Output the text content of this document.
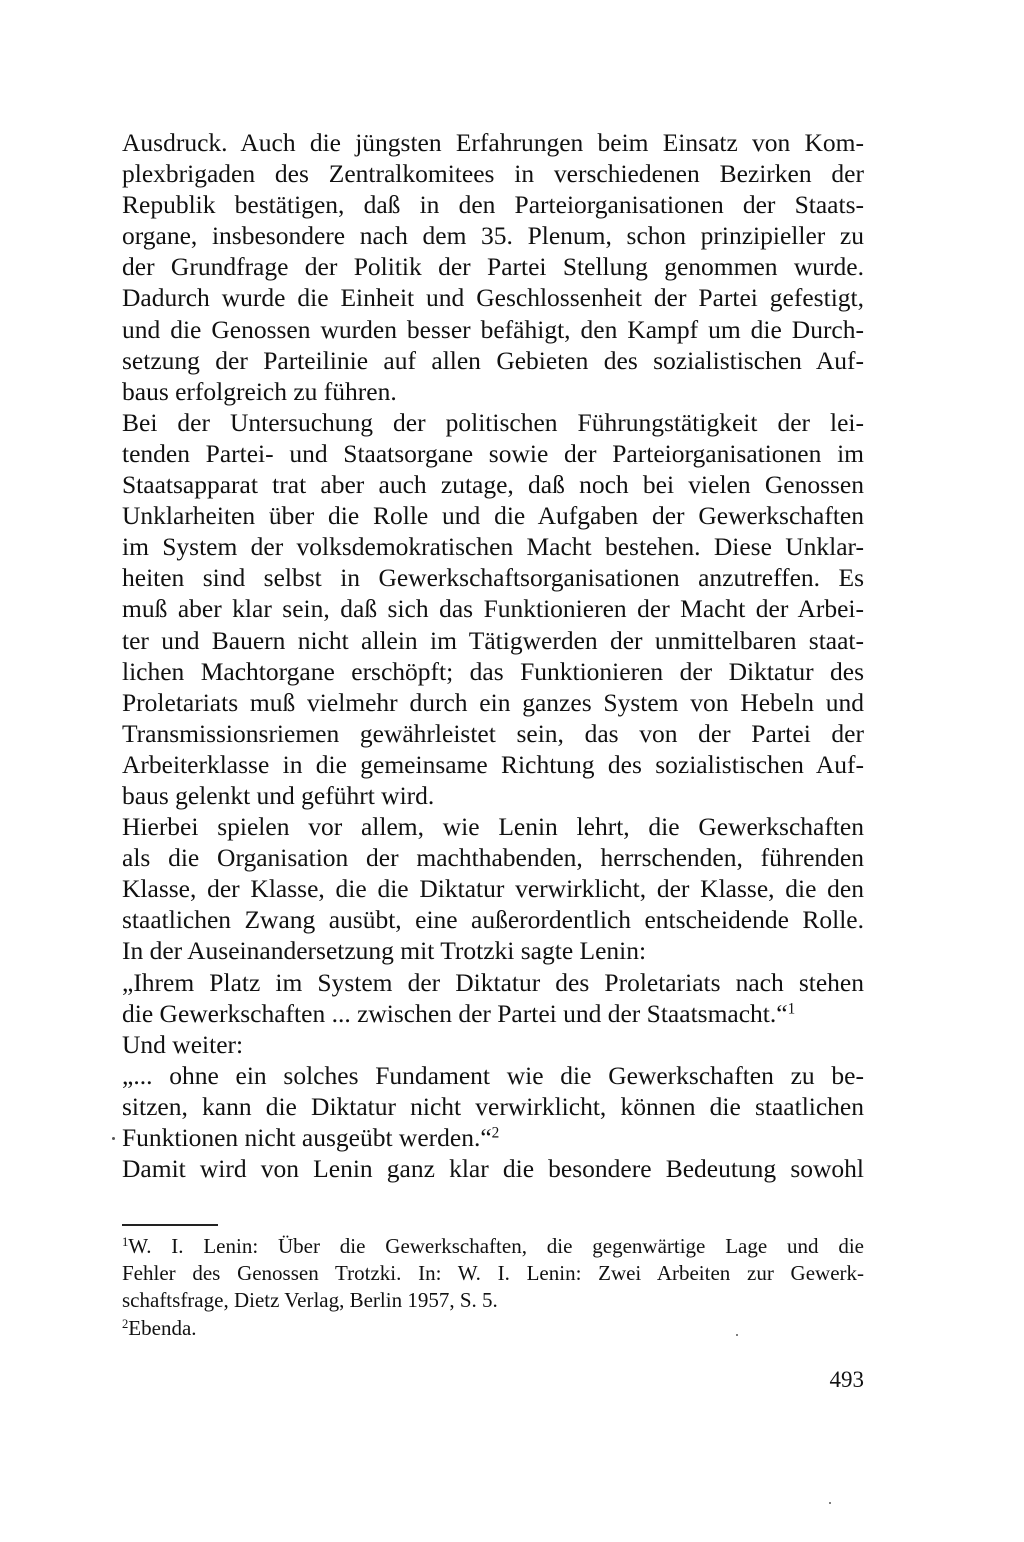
Ausdruck. Auch die jüngsten Erfahrungen beim Einsatz von Kom-
plexbrigaden des Zentralkomitees in verschiedenen Bezirken der
Republik bestätigen, daß in den Parteiorganisationen der Staats-
organe, insbesondere nach dem 35. Plenum, schon prinzipieller zu
der Grundfrage der Politik der Partei Stellung genommen wurde.
Dadurch wurde die Einheit und Geschlossenheit der Partei gefestigt,
und die Genossen wurden besser befähigt, den Kampf um die Durch-
setzung der Parteilinie auf allen Gebieten des sozialistischen Auf-
baus erfolgreich zu führen.
Bei der Untersuchung der politischen Führungstätigkeit der lei-
tenden Partei- und Staatsorgane sowie der Parteiorganisationen im
Staatsapparat trat aber auch zutage, daß noch bei vielen Genossen
Unklarheiten über die Rolle und die Aufgaben der Gewerkschaften
im System der volksdemokratischen Macht bestehen. Diese Unklar-
heiten sind selbst in Gewerkschaftsorganisationen anzutreffen. Es
muß aber klar sein, daß sich das Funktionieren der Macht der Arbei-
ter und Bauern nicht allein im Tätigwerden der unmittelbaren staat-
lichen Machtorgane erschöpft; das Funktionieren der Diktatur des
Proletariats muß vielmehr durch ein ganzes System von Hebeln und
Transmissionsriemen gewährleistet sein, das von der Partei der
Arbeiterklasse in die gemeinsame Richtung des sozialistischen Auf-
baus gelenkt und geführt wird.
Hierbei spielen vor allem, wie Lenin lehrt, die Gewerkschaften
als die Organisation der machthabenden, herrschenden, führenden
Klasse, der Klasse, die die Diktatur verwirklicht, der Klasse, die den
staatlichen Zwang ausübt, eine außerordentlich entscheidende Rolle.
In der Auseinandersetzung mit Trotzki sagte Lenin:
„Ihrem Platz im System der Diktatur des Proletariats nach stehen
die Gewerkschaften ... zwischen der Partei und der Staatsmacht.“$^1$
Und weiter:
„... ohne ein solches Fundament wie die Gewerkschaften zu be-
sitzen, kann die Diktatur nicht verwirklicht, können die staatlichen
Funktionen nicht ausgeübt werden.“$^2$
Damit wird von Lenin ganz klar die besondere Bedeutung sowohl
$^1$W. I. Lenin: Über die Gewerkschaften, die gegenwärtige Lage und die
Fehler des Genossen Trotzki. In: W. I. Lenin: Zwei Arbeiten zur Gewerk-
schaftsfrage, Dietz Verlag, Berlin 1957, S. 5.
$^2$Ebenda.
493
